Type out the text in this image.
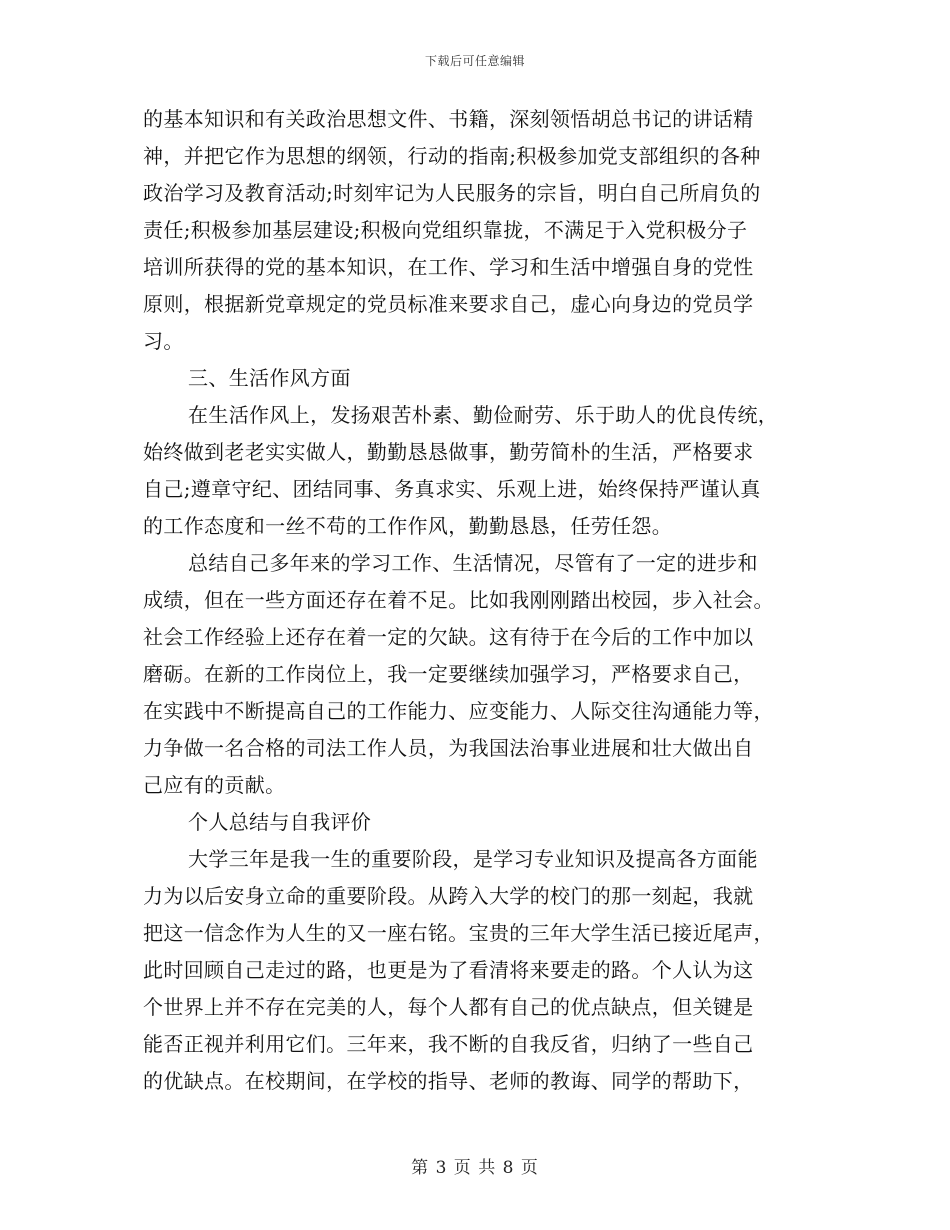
下载后可任意编辑
的基本知识和有关政治思想文件、书籍，深刻领悟胡总书记的讲话精
神，并把它作为思想的纲领，行动的指南;积极参加党支部组织的各种
政治学习及教育活动;时刻牢记为人民服务的宗旨，明白自己所肩负的
责任;积极参加基层建设;积极向党组织靠拢，不满足于入党积极分子
培训所获得的党的基本知识，在工作、学习和生活中增强自身的党性
原则，根据新党章规定的党员标准来要求自己，虚心向身边的党员学
习。
三、生活作风方面
在生活作风上，发扬艰苦朴素、勤俭耐劳、乐于助人的优良传统，
始终做到老老实实做人，勤勤恳恳做事，勤劳简朴的生活，严格要求
自己;遵章守纪、团结同事、务真求实、乐观上进，始终保持严谨认真
的工作态度和一丝不苟的工作作风，勤勤恳恳，任劳任怨。
总结自己多年来的学习工作、生活情况，尽管有了一定的进步和
成绩，但在一些方面还存在着不足。比如我刚刚踏出校园，步入社会。
社会工作经验上还存在着一定的欠缺。这有待于在今后的工作中加以
磨砺。在新的工作岗位上，我一定要继续加强学习，严格要求自己，
在实践中不断提高自己的工作能力、应变能力、人际交往沟通能力等，
力争做一名合格的司法工作人员，为我国法治事业进展和壮大做出自
己应有的贡献。
个人总结与自我评价
大学三年是我一生的重要阶段，是学习专业知识及提高各方面能
力为以后安身立命的重要阶段。从跨入大学的校门的那一刻起，我就
把这一信念作为人生的又一座右铭。宝贵的三年大学生活已接近尾声，
此时回顾自己走过的路，也更是为了看清将来要走的路。个人认为这
个世界上并不存在完美的人，每个人都有自己的优点缺点，但关键是
能否正视并利用它们。三年来，我不断的自我反省，归纳了一些自己
的优缺点。在校期间，在学校的指导、老师的教诲、同学的帮助下，
第 3 页 共 8 页
